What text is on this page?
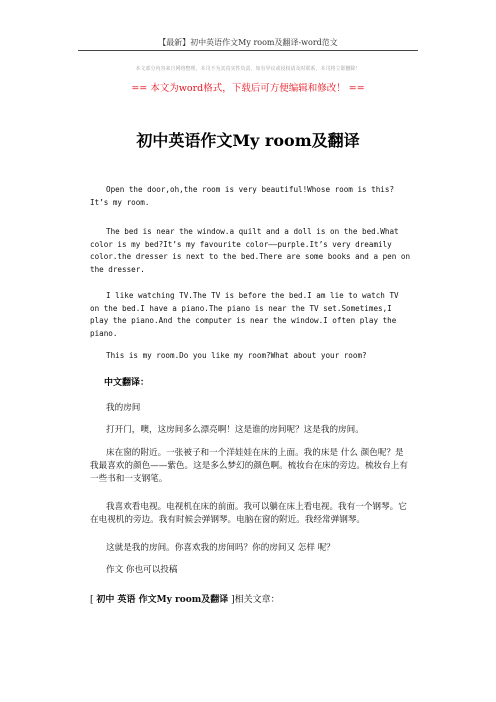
【最新】初中英语作文My room及翻译-word范文
本文部分内容来自网络整理，本司不为其真实性负责，如有异议或侵权请及时联系，本司将立即删除！
== 本文为word格式，下载后可方便编辑和修改！ ==
初中英语作文My room及翻译

Open the door,oh,the room is very beautiful!Whose room is this?It’s my room.

The bed is near the window.a quilt and a doll is on the bed.What color is my bed?It’s my favourite color——purple.It’s very dreamily color.the dresser is next to the bed.There are some books and a pen on the dresser.

I like watching TV.The TV is before the bed.I am lie to watch TV on the bed.I have a piano.The piano is near the TV set.Sometimes,I play the piano.And the computer is near the window.I often play the piano.

This is my room.Do you like my room?What about your room?

中文翻译：

我的房间

打开门，噢，这房间多么漂亮啊！这是谁的房间呢？这是我的房间。

床在窗的附近。一张被子和一个洋娃娃在床的上面。我的床是 什么 颜色呢？是我最喜欢的颜色——紫色。这是多么梦幻的颜色啊。梳妆台在床的旁边。梳妆台上有一些书和一支钢笔。

我喜欢看电视。电视机在床的前面。我可以躺在床上看电视。我有一个钢琴。它在电视机的旁边。我有时候会弹钢琴。电脑在窗的附近。我经常弹钢琴。

这就是我的房间。你喜欢我的房间吗？你的房间又 怎样 呢？

作文 你也可以投稿

[ 初中 英语 作文My room及翻译 ]相关文章：
